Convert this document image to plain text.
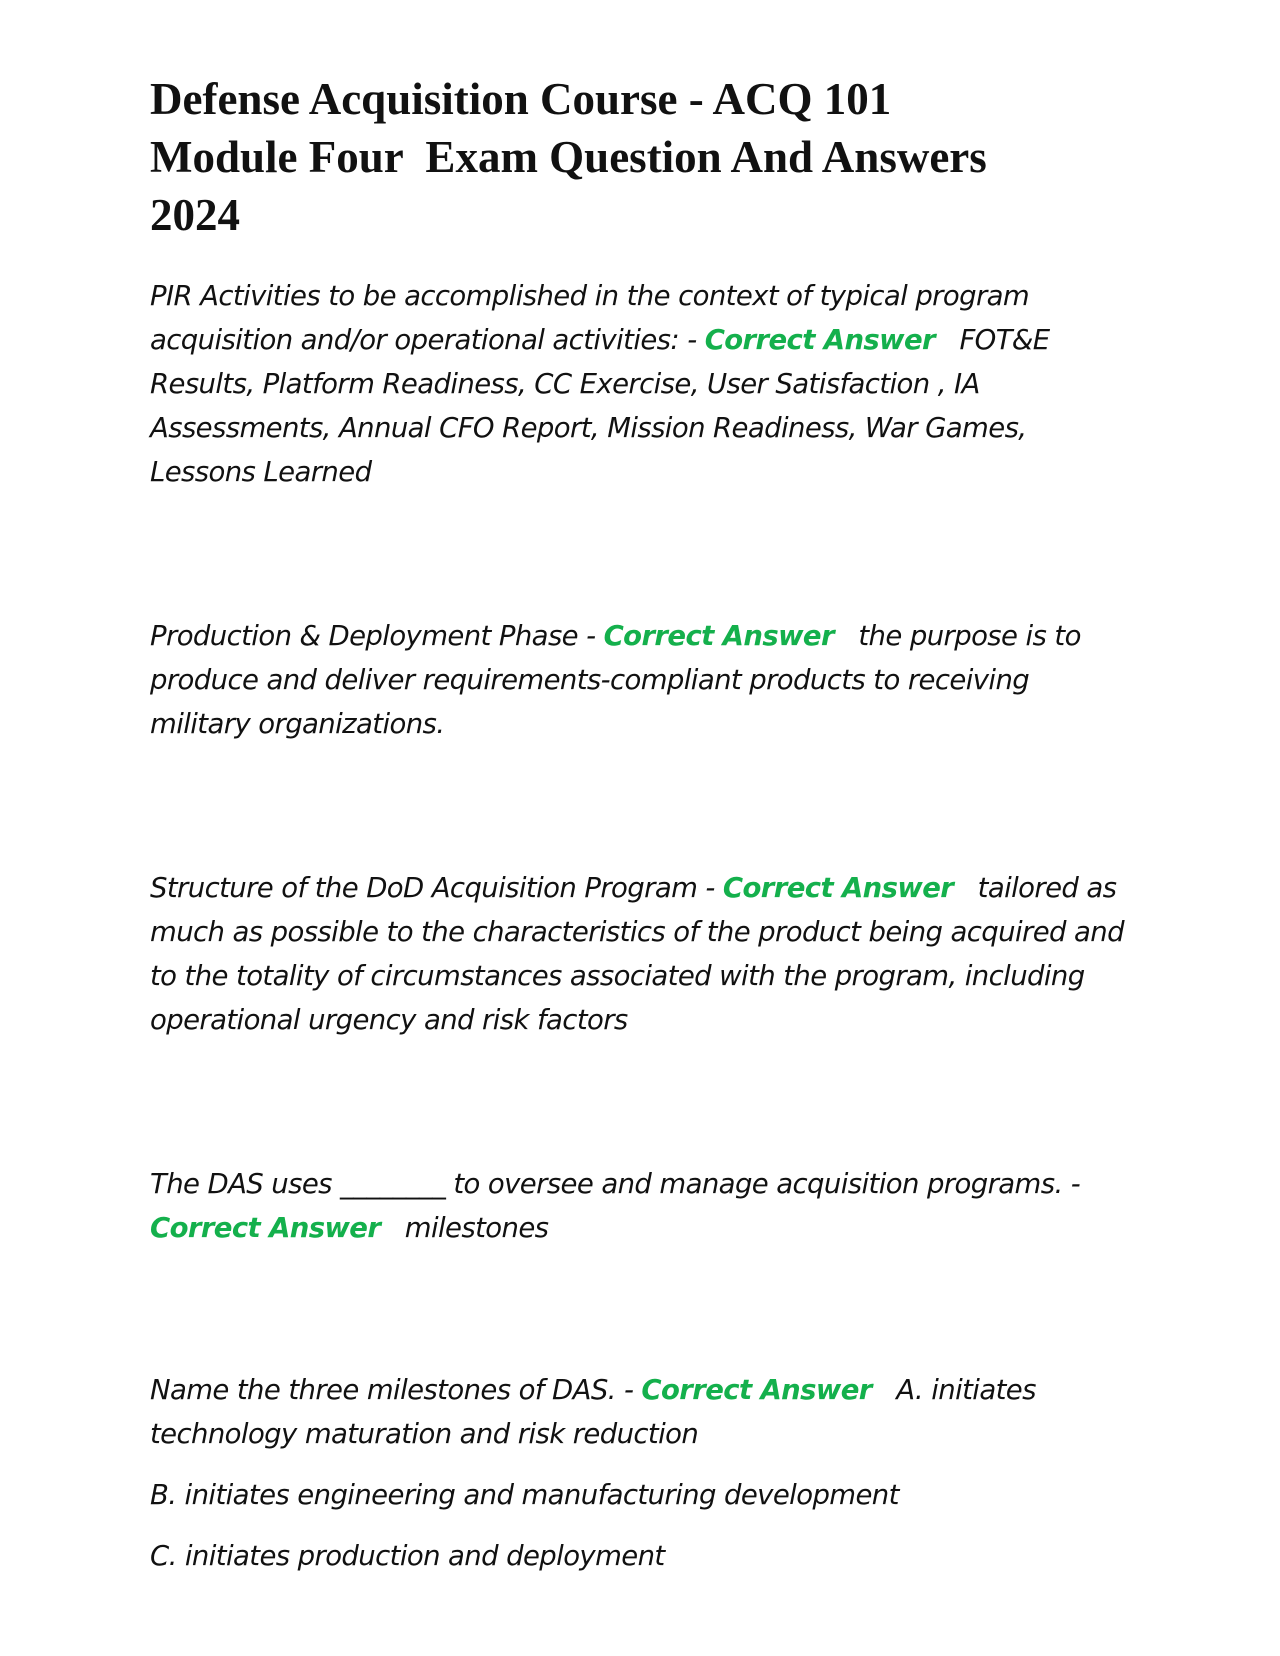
Defense Acquisition Course - ACQ 101
Module Four  Exam Question And Answers
2024

PIR Activities to be accomplished in the context of typical program acquisition and/or operational activities: - Correct Answer FOT&E Results, Platform Readiness, CC Exercise, User Satisfaction , IA Assessments, Annual CFO Report, Mission Readiness, War Games, Lessons Learned

Production & Deployment Phase - Correct Answer the purpose is to produce and deliver requirements-compliant products to receiving military organizations.

Structure of the DoD Acquisition Program - Correct Answer tailored as much as possible to the characteristics of the product being acquired and to the totality of circumstances associated with the program, including operational urgency and risk factors

The DAS uses ________ to oversee and manage acquisition programs. - Correct Answer milestones

Name the three milestones of DAS. - Correct Answer A. initiates technology maturation and risk reduction

B. initiates engineering and manufacturing development

C. initiates production and deployment
